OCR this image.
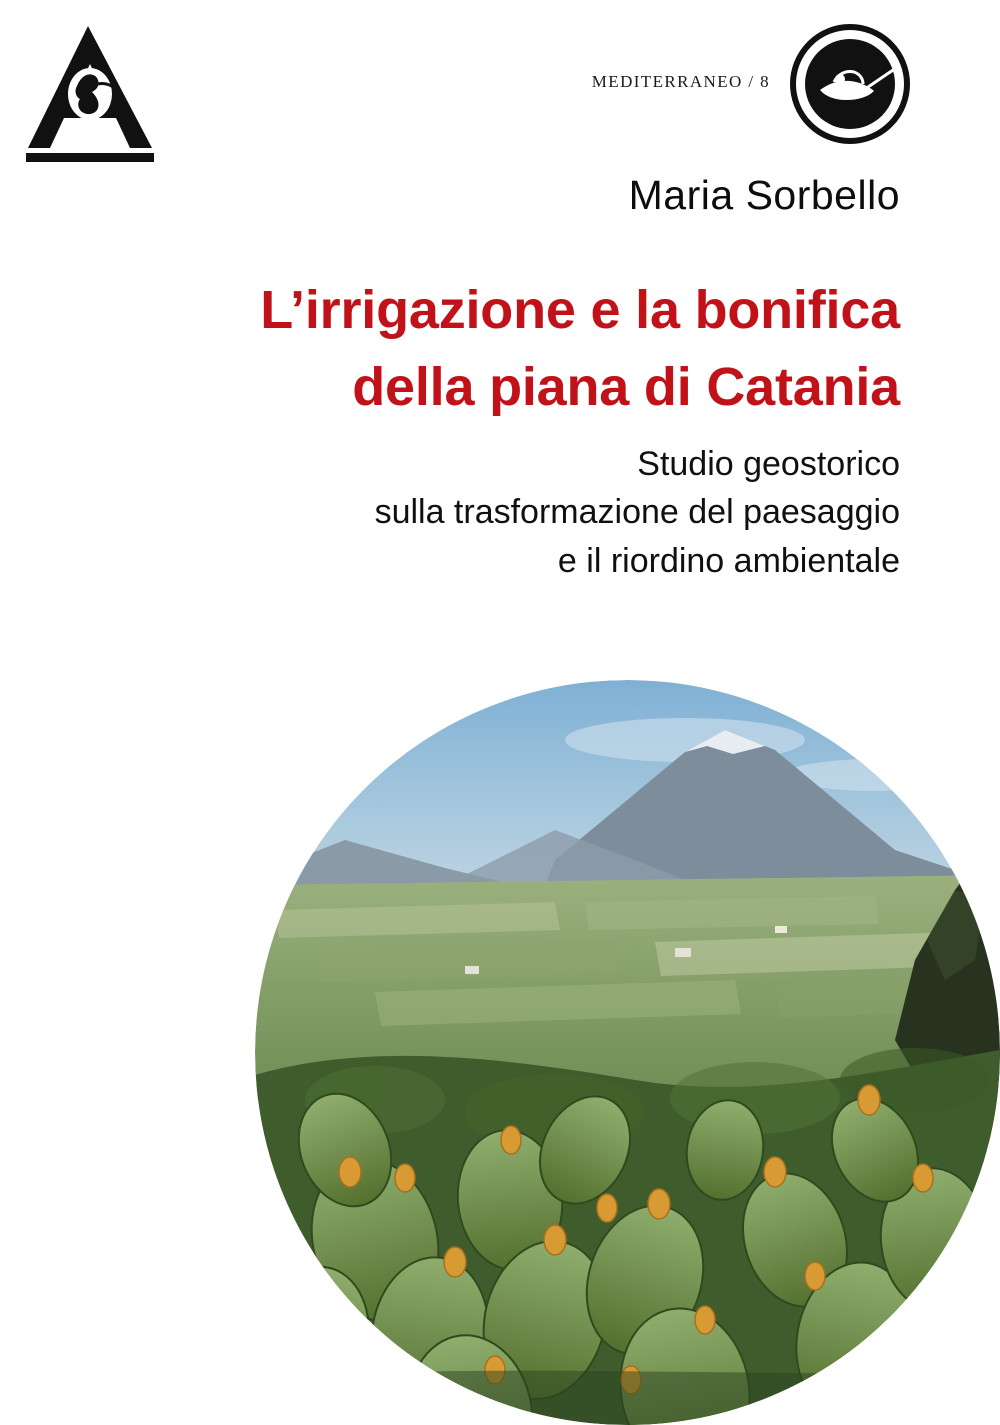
MEDITERRANEO / 8
Maria Sorbello
L’irrigazione e la bonifica
della piana di Catania
Studio geostorico
sulla trasformazione del paesaggio
e il riordino ambientale
